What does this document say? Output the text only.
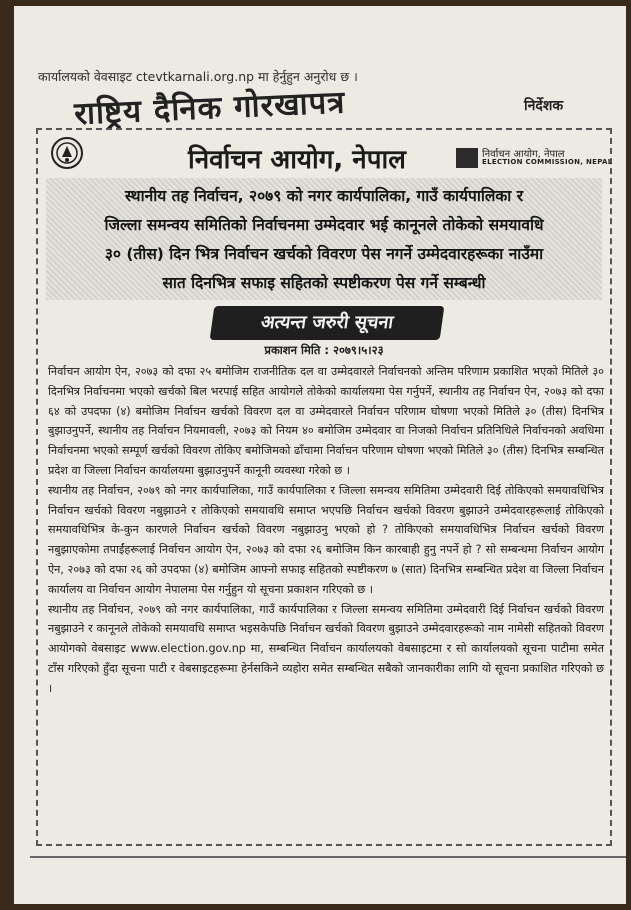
कार्यालयको वेवसाइट ctevtkarnali.org.np मा हेर्नुहुन अनुरोध छ ।
राष्ट्रिय दैनिक गोरखापत्र	निर्देशक
निर्वाचन आयोग, नेपाल	निर्वाचन आयोग, नेपाल
ELECTION COMMISSION, NEPAL
स्थानीय तह निर्वाचन, २०७९ को नगर कार्यपालिका, गाउँ कार्यपालिका र
जिल्ला समन्वय समितिको निर्वाचनमा उम्मेदवार भई कानूनले तोकेको समयावधि
३० (तीस) दिन भित्र निर्वाचन खर्चको विवरण पेस नगर्ने उम्मेदवारहरूका नाउँमा
सात दिनभित्र सफाइ सहितको स्पष्टीकरण पेस गर्ने सम्बन्धी
अत्यन्त जरुरी सूचना
प्रकाशन मिति : २०७९।५।२३

निर्वाचन आयोग ऐन, २०७३ को दफा २५ बमोजिम राजनीतिक दल वा उम्मेदवारले निर्वाचनको अन्तिम परिणाम प्रकाशित भएको मितिले ३० दिनभित्र निर्वाचनमा भएको खर्चको बिल भरपाई सहित आयोगले तोकेको कार्यालयमा पेस गर्नुपर्ने, स्थानीय तह निर्वाचन ऐन, २०७३ को दफा ६४ को उपदफा (४) बमोजिम निर्वाचन खर्चको विवरण दल वा उम्मेदवारले निर्वाचन परिणाम घोषणा भएको मितिले ३० (तीस) दिनभित्र बुझाउनुपर्ने, स्थानीय तह निर्वाचन नियमावली, २०७३ को नियम ४० बमोजिम उम्मेदवार वा निजको निर्वाचन प्रतिनिधिले निर्वाचनको अवधिमा निर्वाचनमा भएको सम्पूर्ण खर्चको विवरण तोकिए बमोजिमको ढाँचामा निर्वाचन परिणाम घोषणा भएको मितिले ३० (तीस) दिनभित्र सम्बन्धित प्रदेश वा जिल्ला निर्वाचन कार्यालयमा बुझाउनुपर्ने कानूनी व्यवस्था गरेको छ ।

स्थानीय तह निर्वाचन, २०७९ को नगर कार्यपालिका, गाउँ कार्यपालिका र जिल्ला समन्वय समितिमा उम्मेदवारी दिई तोकिएको समयावधिभित्र निर्वाचन खर्चको विवरण नबुझाउने र तोकिएको समयावधि समाप्त भएपछि निर्वाचन खर्चको विवरण बुझाउने उम्मेदवारहरूलाई तोकिएको समयावधिभित्र के-कुन कारणले निर्वाचन खर्चको विवरण नबुझाउनु भएको हो ? तोकिएको समयावधिभित्र निर्वाचन खर्चको विवरण नबुझाएकोमा तपाईंहरूलाई निर्वाचन आयोग ऐन, २०७३ को दफा २६ बमोजिम किन कारबाही हुनु नपर्ने हो ? सो सम्बन्धमा निर्वाचन आयोग ऐन, २०७३ को दफा २६ को उपदफा (४) बमोजिम आफ्नो सफाइ सहितको स्पष्टीकरण ७ (सात) दिनभित्र सम्बन्धित प्रदेश वा जिल्ला निर्वाचन कार्यालय वा निर्वाचन आयोग नेपालमा पेस गर्नुहुन यो सूचना प्रकाशन गरिएको छ ।

स्थानीय तह निर्वाचन, २०७९ को नगर कार्यपालिका, गाउँ कार्यपालिका र जिल्ला समन्वय समितिमा उम्मेदवारी दिई निर्वाचन खर्चको विवरण नबुझाउने र कानूनले तोकेको समयावधि समाप्त भइसकेपछि निर्वाचन खर्चको विवरण बुझाउने उम्मेदवारहरूको नाम नामेसी सहितको विवरण आयोगको वेबसाइट www.election.gov.np मा, सम्बन्धित निर्वाचन कार्यालयको वेबसाइटमा र सो कार्यालयको सूचना पाटीमा समेत टाँस गरिएको हुँदा सूचना पाटी र वेबसाइटहरूमा हेर्नसकिने व्यहोरा समेत सम्बन्धित सबैको जानकारीका लागि यो सूचना प्रकाशित गरिएको छ ।
